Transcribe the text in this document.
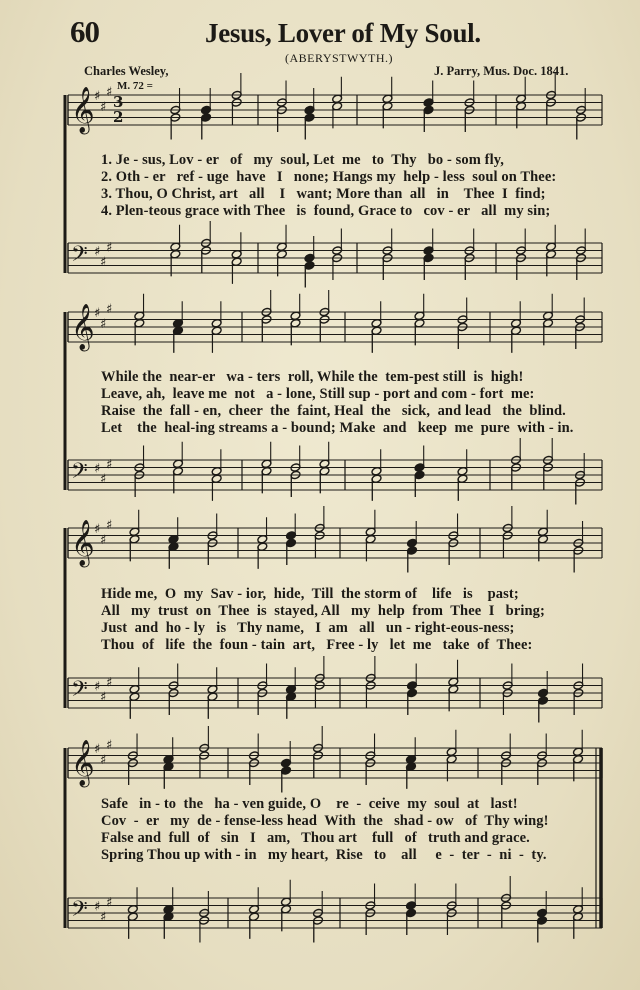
60	Jesus, Lover of My Soul.
(ABERYSTWYTH.)
Charles Wesley,	J. Parry, Mus. Doc. 1841.
M. 72 =
𝄞 ♯
♯
♯
𝄢 ♯
♯
♯
𝄞 ♯
♯
♯
𝄢 ♯
♯
♯
𝄞 ♯
♯
♯
𝄢 ♯
♯
♯
𝄞 ♯
♯
♯
𝄢 ♯
♯
♯
3
2
1. Je - sus, Lov - er   of   my  soul, Let  me   to  Thy   bo - som fly,
2. Oth - er   ref - uge  have   I   none; Hangs my  help - less  soul on Thee:
3. Thou, O Christ, art   all    I   want; More than  all   in    Thee  I  find;
4. Plen-teous grace with Thee   is  found, Grace to   cov - er   all  my sin;
While the  near-er   wa - ters  roll, While the  tem-pest still  is  high!
Leave, ah,  leave me  not   a - lone, Still sup - port and com - fort  me:
Raise  the  fall - en,  cheer  the  faint, Heal  the   sick,  and lead   the  blind.
Let    the  heal-ing streams a - bound; Make  and   keep  me  pure  with - in.
Hide me,  O  my  Sav - ior,  hide,  Till  the storm of    life   is    past;
All   my  trust  on  Thee  is  stayed, All   my  help  from  Thee  I   bring;
Just  and  ho - ly   is   Thy name,   I  am   all   un - right-eous-ness;
Thou  of   life  the  foun - tain  art,   Free - ly   let  me   take  of  Thee:
Safe   in - to  the   ha - ven guide, O    re  -  ceive  my  soul  at   last!
Cov  -  er   my  de - fense-less head  With  the   shad - ow   of  Thy wing!
False and  full  of   sin   I   am,   Thou art    full   of   truth and grace.
Spring Thou up with - in   my heart,  Rise   to    all     e  -  ter  -  ni  -  ty.
